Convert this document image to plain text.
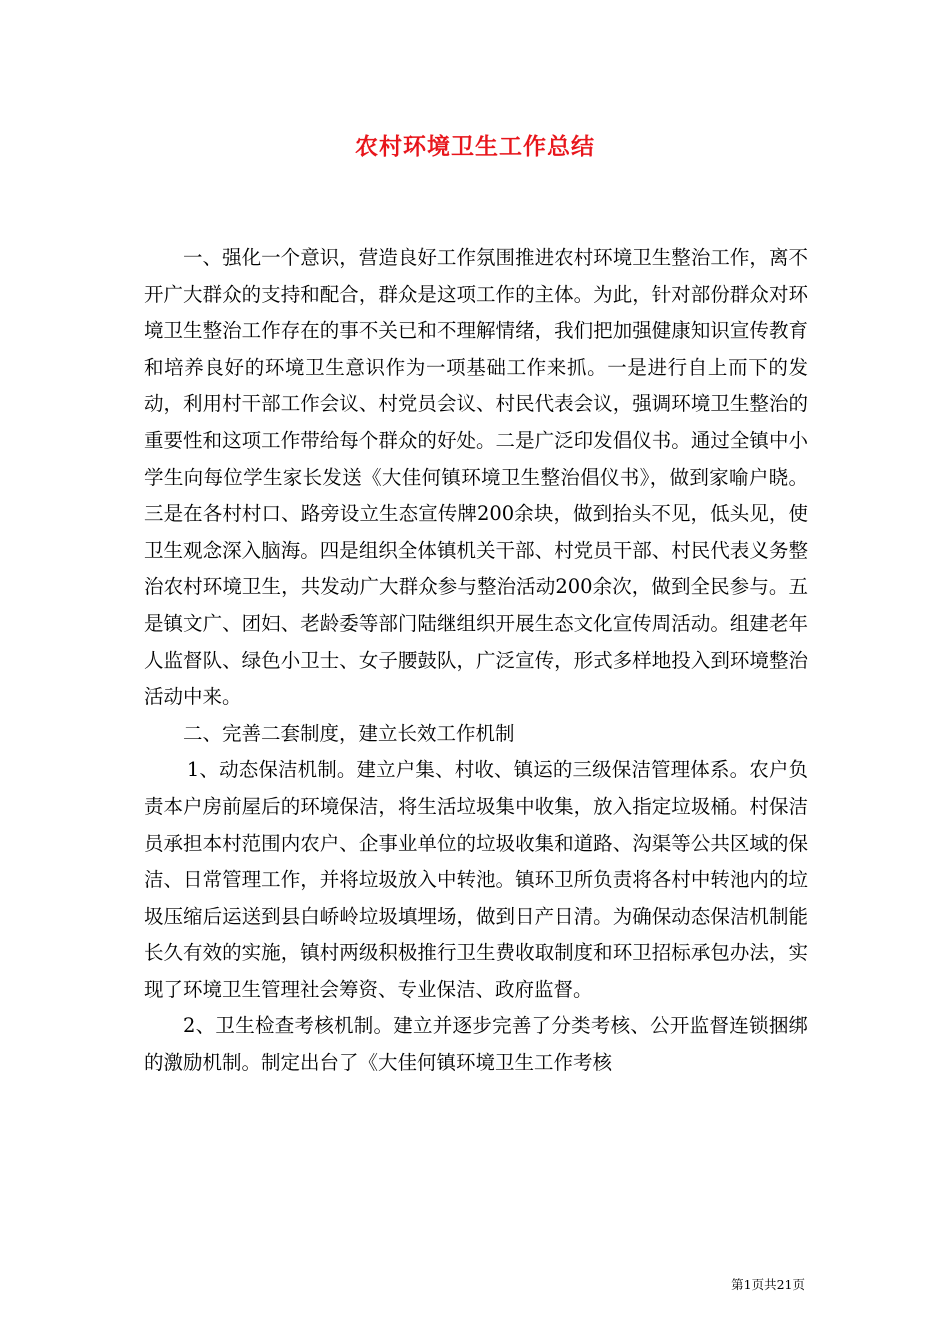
农村环境卫生工作总结

一、强化一个意识，营造良好工作氛围推进农村环境卫生整治工作，离不开广大群众的支持和配合，群众是这项工作的主体。为此，针对部份群众对环境卫生整治工作存在的事不关已和不理解情绪，我们把加强健康知识宣传教育和培养良好的环境卫生意识作为一项基础工作来抓。一是进行自上而下的发动，利用村干部工作会议、村党员会议、村民代表会议，强调环境卫生整治的重要性和这项工作带给每个群众的好处。二是广泛印发倡仪书。通过全镇中小学生向每位学生家长发送《大佳何镇环境卫生整治倡仪书》，做到家喻户晓。三是在各村村口、路旁设立生态宣传牌200余块，做到抬头不见，低头见，使卫生观念深入脑海。四是组织全体镇机关干部、村党员干部、村民代表义务整治农村环境卫生，共发动广大群众参与整治活动200余次，做到全民参与。五是镇文广、团妇、老龄委等部门陆继组织开展生态文化宣传周活动。组建老年人监督队、绿色小卫士、女子腰鼓队，广泛宣传，形式多样地投入到环境整治活动中来。

二、完善二套制度，建立长效工作机制

1、动态保洁机制。建立户集、村收、镇运的三级保洁管理体系。农户负责本户房前屋后的环境保洁，将生活垃圾集中收集，放入指定垃圾桶。村保洁员承担本村范围内农户、企事业单位的垃圾收集和道路、沟渠等公共区域的保洁、日常管理工作，并将垃圾放入中转池。镇环卫所负责将各村中转池内的垃圾压缩后运送到县白峤岭垃圾填埋场，做到日产日清。为确保动态保洁机制能长久有效的实施，镇村两级积极推行卫生费收取制度和环卫招标承包办法，实现了环境卫生管理社会筹资、专业保洁、政府监督。

2、卫生检查考核机制。建立并逐步完善了分类考核、公开监督连锁捆绑的激励机制。制定出台了《大佳何镇环境卫生工作考核

第1页共21页
